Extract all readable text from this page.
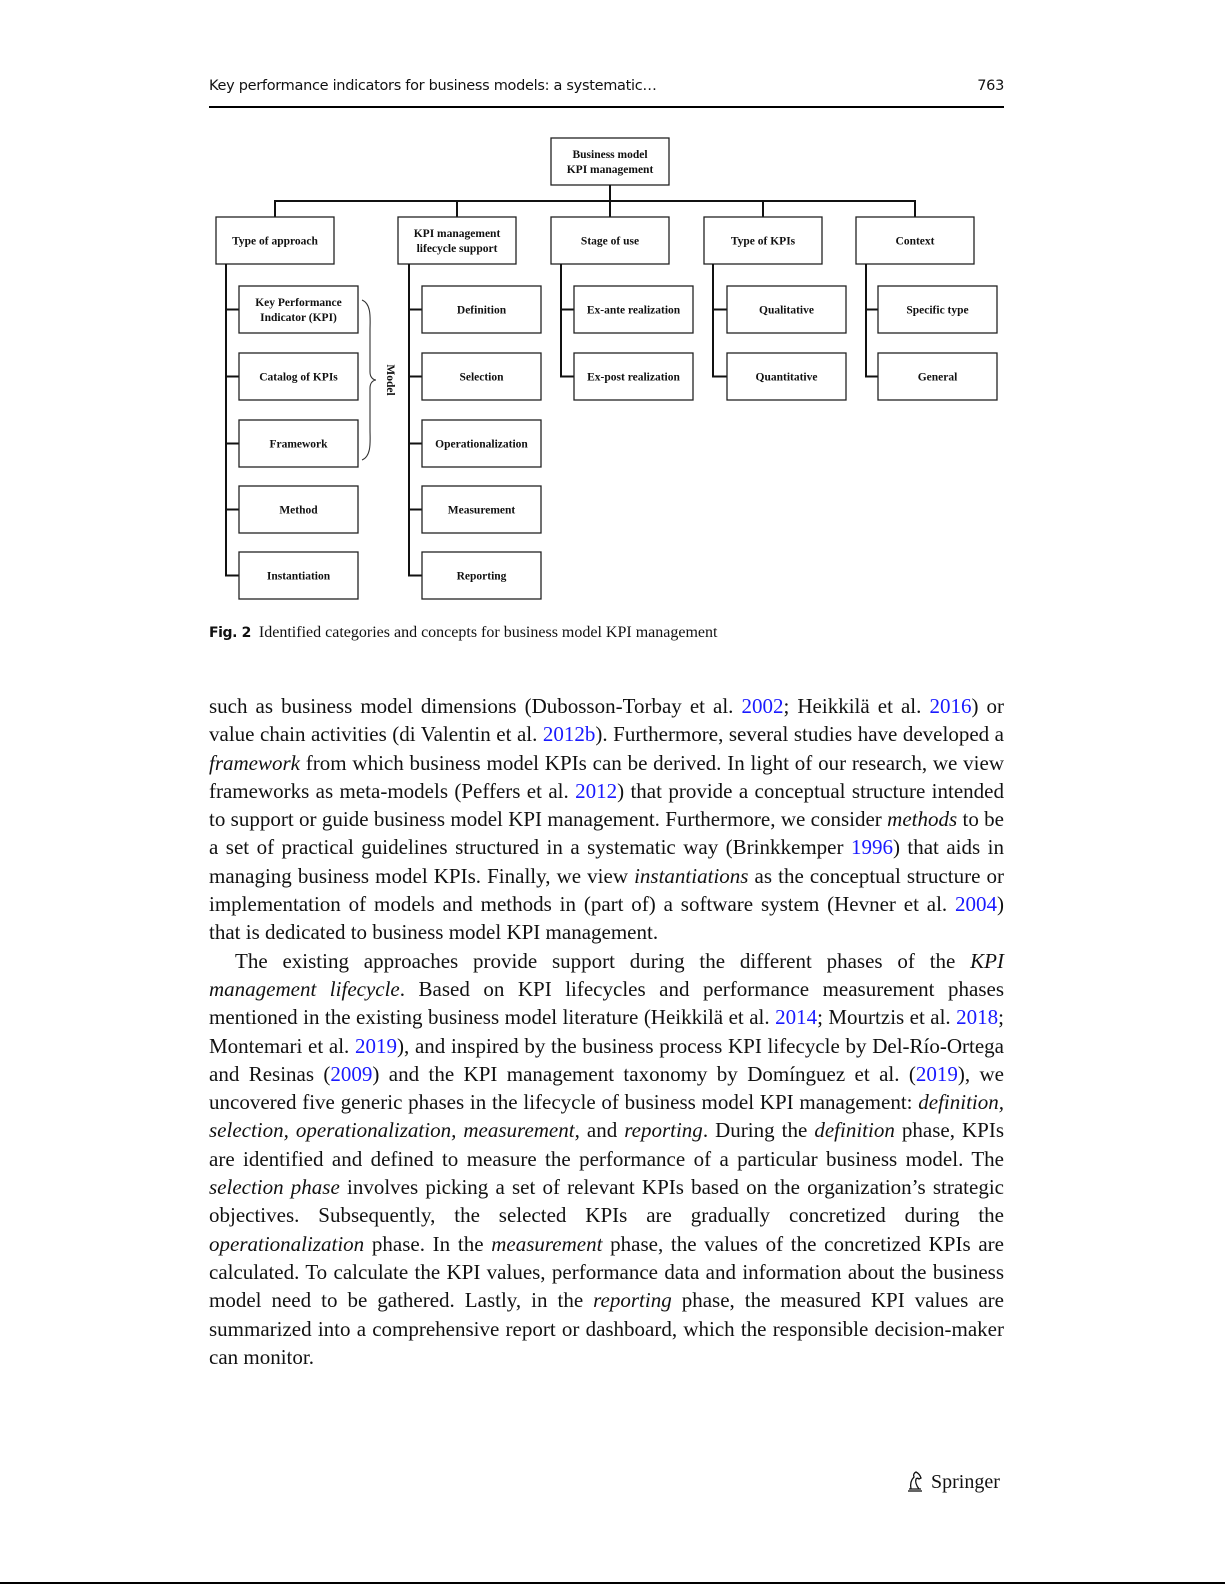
Key performance indicators for business models: a systematic…	763
Business model
KPI management
Type of approach
Key Performance
Indicator (KPI)
Catalog of KPIs
Framework
Method
Instantiation
KPI management
lifecycle support
Definition
Selection
Operationalization
Measurement
Reporting
Stage of use
Ex-ante realization
Ex-post realization
Type of KPIs
Qualitative
Quantitative
Context
Specific type
General
Model
Fig. 2 Identified categories and concepts for business model KPI management

such as business model dimensions (Dubosson-Torbay et al. 2002; Heikkilä et al. 2016) or value chain activities (di Valentin et al. 2012b). Furthermore, several studies have developed a framework from which business model KPIs can be derived. In light of our research, we view frameworks as meta-models (Peffers et al. 2012) that provide a conceptual structure intended to support or guide business model KPI management. Furthermore, we consider methods to be a set of practical guidelines structured in a systematic way (Brinkkemper 1996) that aids in managing business model KPIs. Finally, we view instantiations as the conceptual structure or implementation of models and methods in (part of) a software system (Hevner et al. 2004) that is dedicated to business model KPI management.

The existing approaches provide support during the different phases of the KPI management lifecycle. Based on KPI lifecycles and performance measurement phases mentioned in the existing business model literature (Heikkilä et al. 2014; Mourtzis et al. 2018; Montemari et al. 2019), and inspired by the business process KPI lifecycle by Del-Río-Ortega and Resinas (2009) and the KPI management taxonomy by Domínguez et al. (2019), we uncovered five generic phases in the lifecycle of business model KPI management: definition, selection, operationalization, measurement, and reporting. During the definition phase, KPIs are identified and defined to measure the performance of a particular business model. The selection phase involves picking a set of relevant KPIs based on the organization’s strategic objectives. Subsequently, the selected KPIs are gradually concretized during the operationalization phase. In the measurement phase, the values of the concretized KPIs are calculated. To calculate the KPI values, performance data and information about the business model need to be gathered. Lastly, in the reporting phase, the measured KPI values are summarized into a comprehensive report or dashboard, which the responsible decision-maker can monitor.

Springer
